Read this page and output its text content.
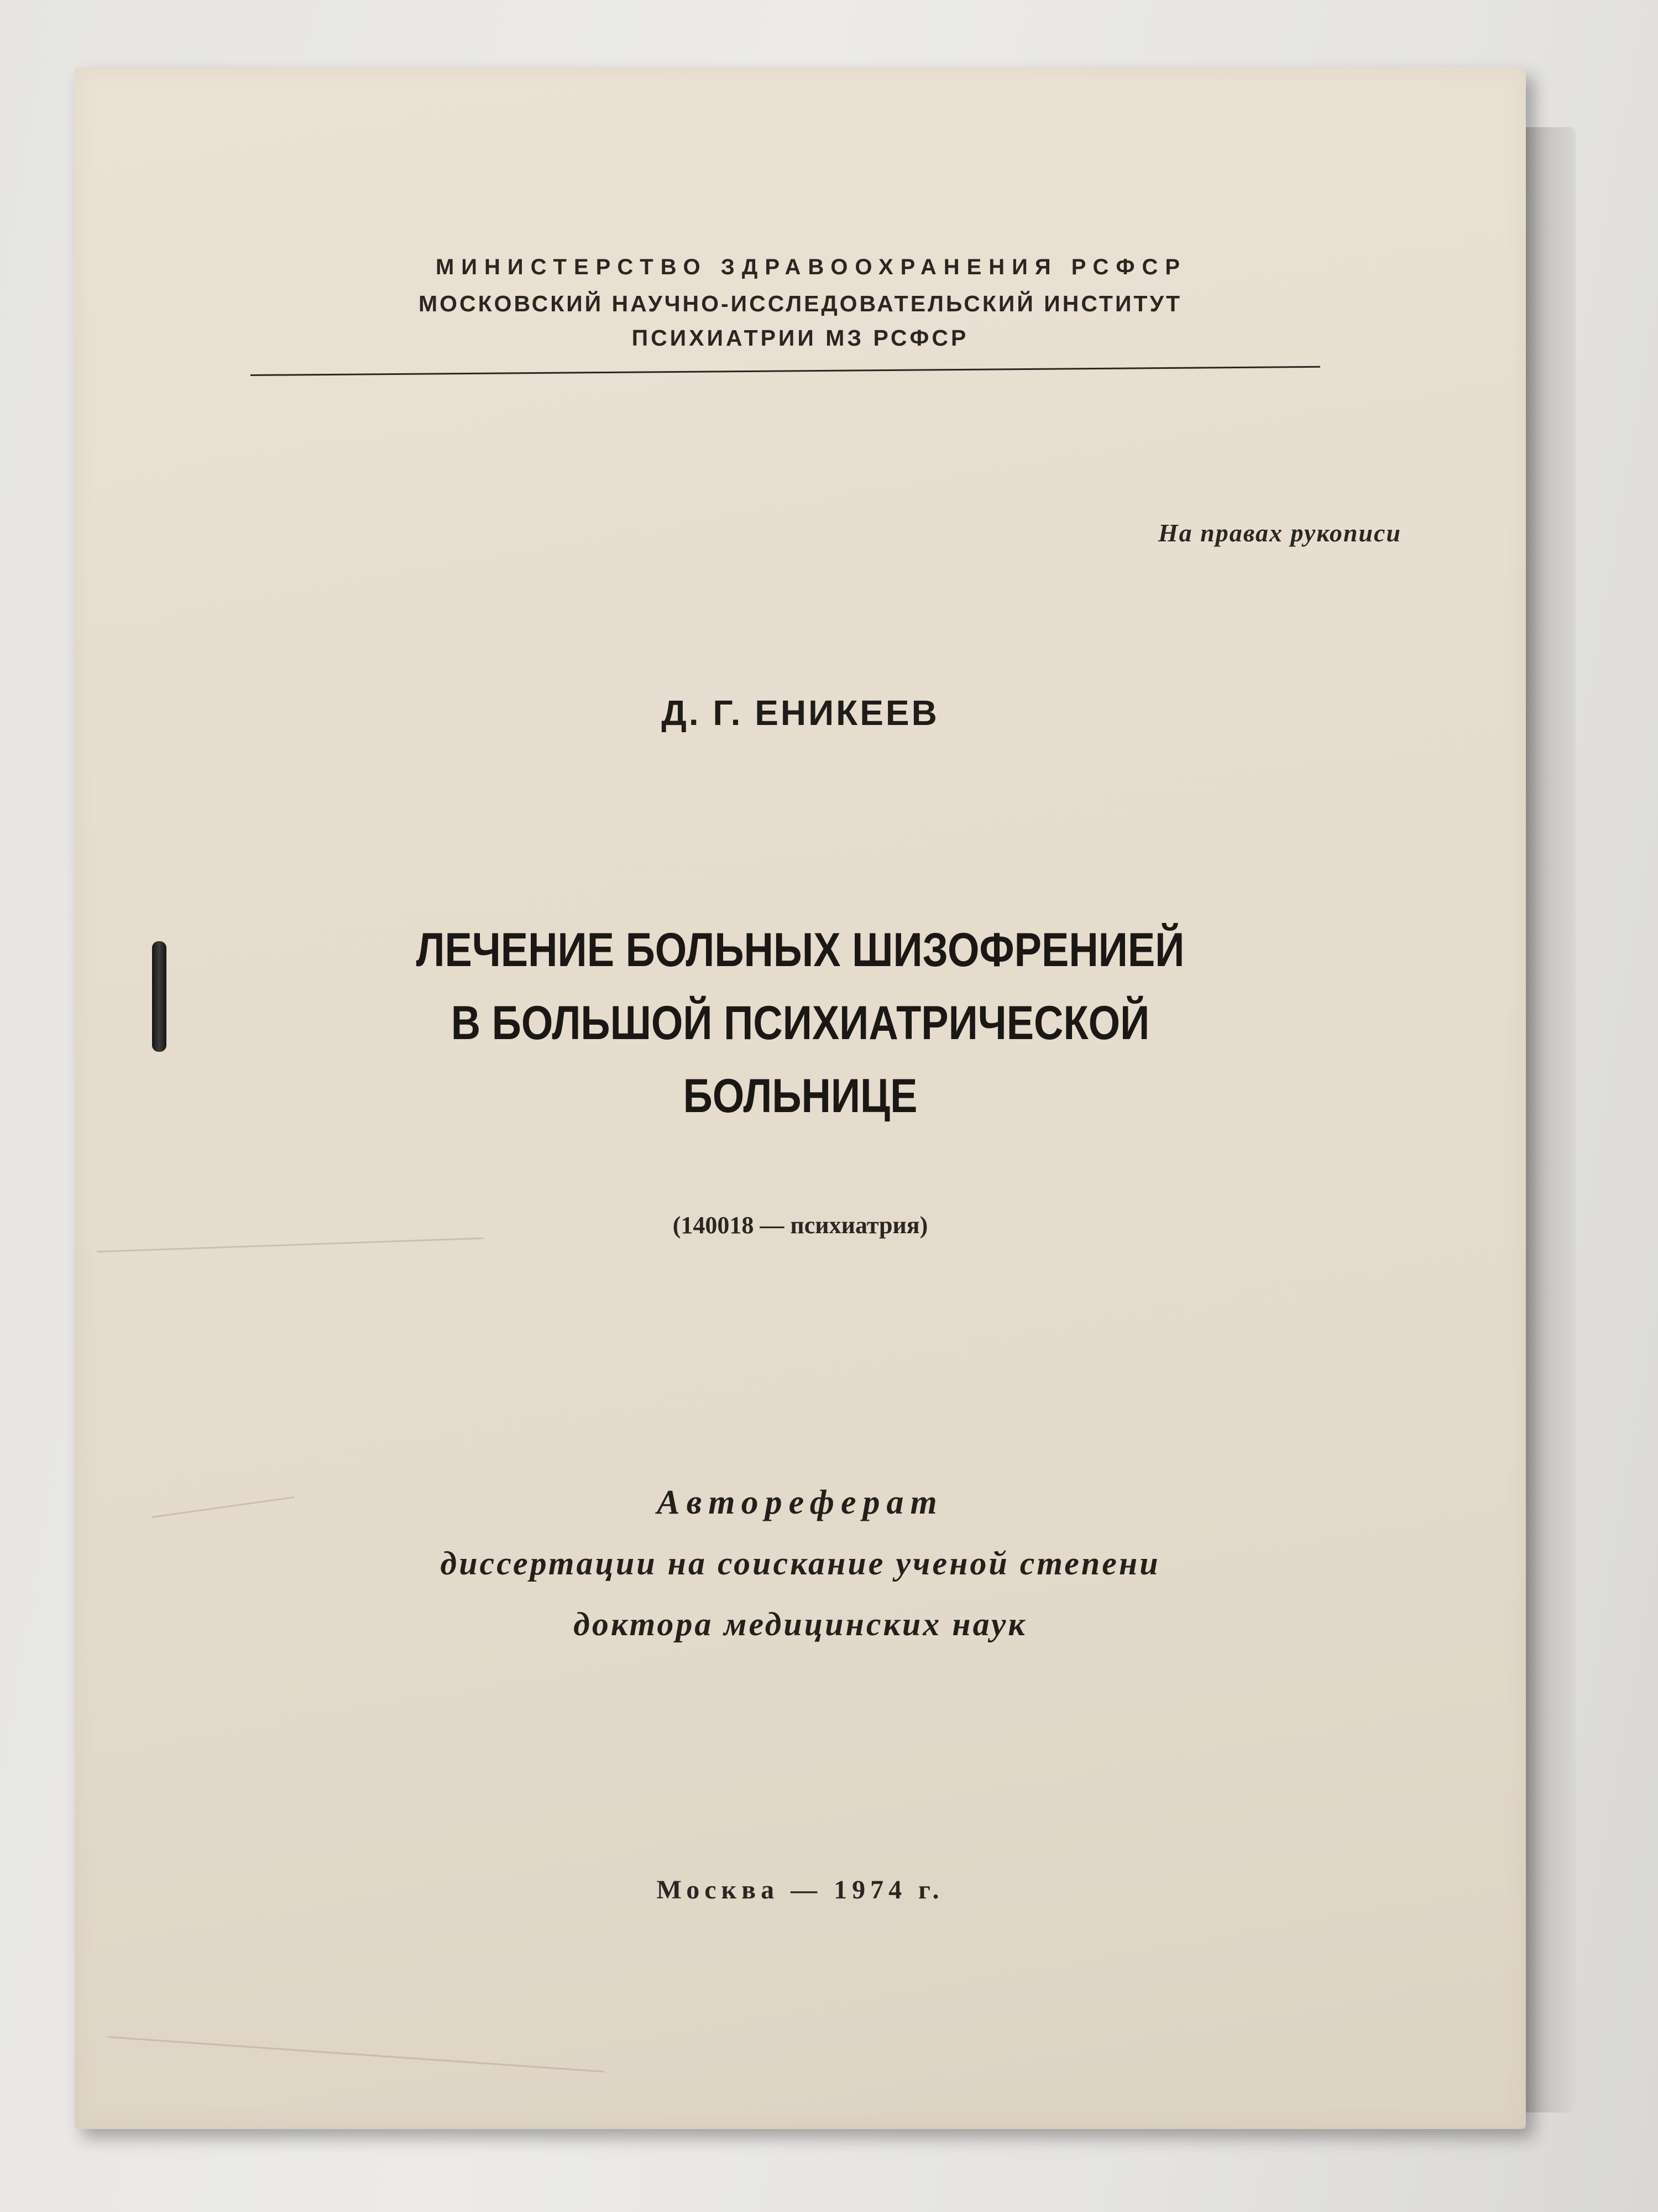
МИНИСТЕРСТВО ЗДРАВООХРАНЕНИЯ РСФСР
МОСКОВСКИЙ НАУЧНО-ИССЛЕДОВАТЕЛЬСКИЙ ИНСТИТУТ
ПСИХИАТРИИ МЗ РСФСР
На правах рукописи
Д. Г. ЕНИКЕЕВ
ЛЕЧЕНИЕ БОЛЬНЫХ ШИЗОФРЕНИЕЙ
В БОЛЬШОЙ ПСИХИАТРИЧЕСКОЙ
БОЛЬНИЦЕ
(140018 — психиатрия)
Автореферат
диссертации на соискание ученой степени
доктора медицинских наук
Москва — 1974 г.
